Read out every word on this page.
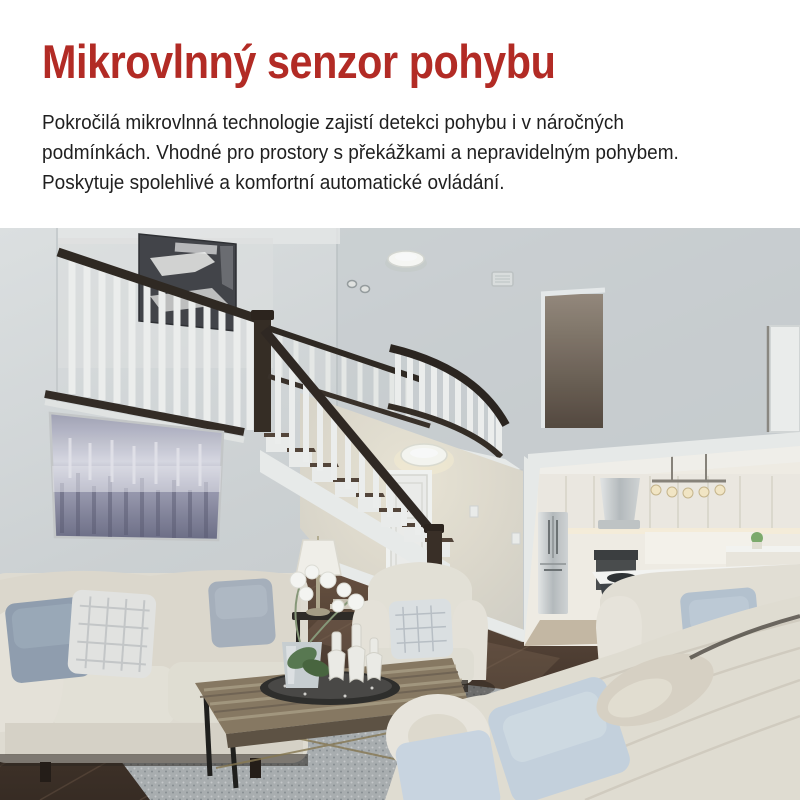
Mikrovlnný senzor pohybu

Pokročilá mikrovlnná technologie zajistí detekci pohybu i v náročných
podmínkách. Vhodné pro prostory s překážkami a nepravidelným pohybem.
Poskytuje spolehlivé a komfortní automatické ovládání.
